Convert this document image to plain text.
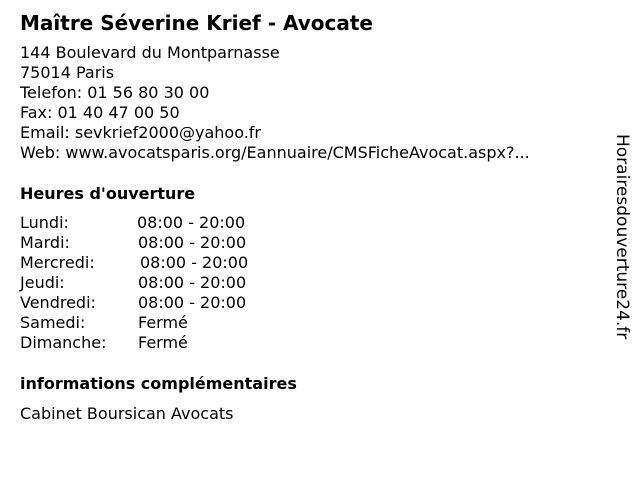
Maître Séverine Krief - Avocate
144 Boulevard du Montparnasse
75014 Paris
Telefon: 01 56 80 30 00
Fax: 01 40 47 00 50
Email: sevkrief2000@yahoo.fr
Web: www.avocatsparis.org/Eannuaire/CMSFicheAvocat.aspx?...
Heures d'ouverture
Lundi:	08:00 - 20:00
Mardi:	08:00 - 20:00
Mercredi:	08:00 - 20:00
Jeudi:	08:00 - 20:00
Vendredi:	08:00 - 20:00
Samedi:	Fermé
Dimanche:	Fermé
informations complémentaires
Cabinet Boursican Avocats
Horairesdouverture24.fr
